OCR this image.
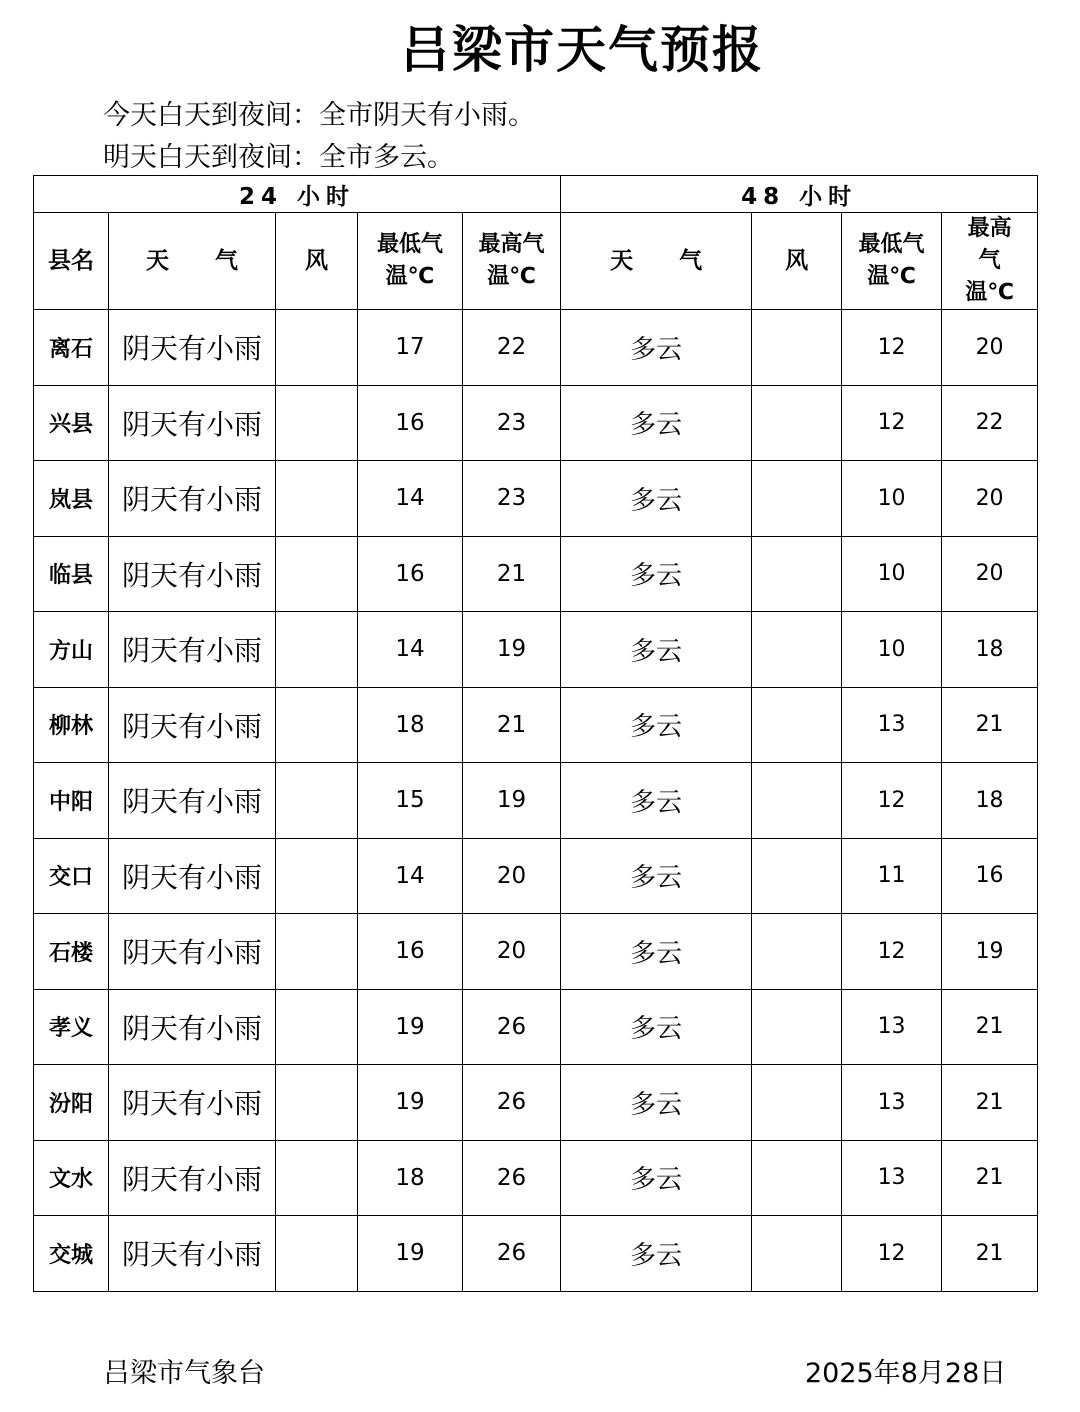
吕梁市天气预报
今天白天到夜间：全市阴天有小雨。
明天白天到夜间：全市多云。
24 小时					48 小时			
县名	天　　气	风	最低气温℃	最高气温℃	天　　气	风	最低气温℃	最高气温℃

离石	阴天有小雨		17	22	多云		12	20
兴县	阴天有小雨		16	23	多云		12	22
岚县	阴天有小雨		14	23	多云		10	20
临县	阴天有小雨		16	21	多云		10	20
方山	阴天有小雨		14	19	多云		10	18
柳林	阴天有小雨		18	21	多云		13	21
中阳	阴天有小雨		15	19	多云		12	18
交口	阴天有小雨		14	20	多云		11	16
石楼	阴天有小雨		16	20	多云		12	19
孝义	阴天有小雨		19	26	多云		13	21
汾阳	阴天有小雨		19	26	多云		13	21
文水	阴天有小雨		18	26	多云		13	21
交城	阴天有小雨		19	26	多云		12	21
吕梁市气象台	2025年8月28日
